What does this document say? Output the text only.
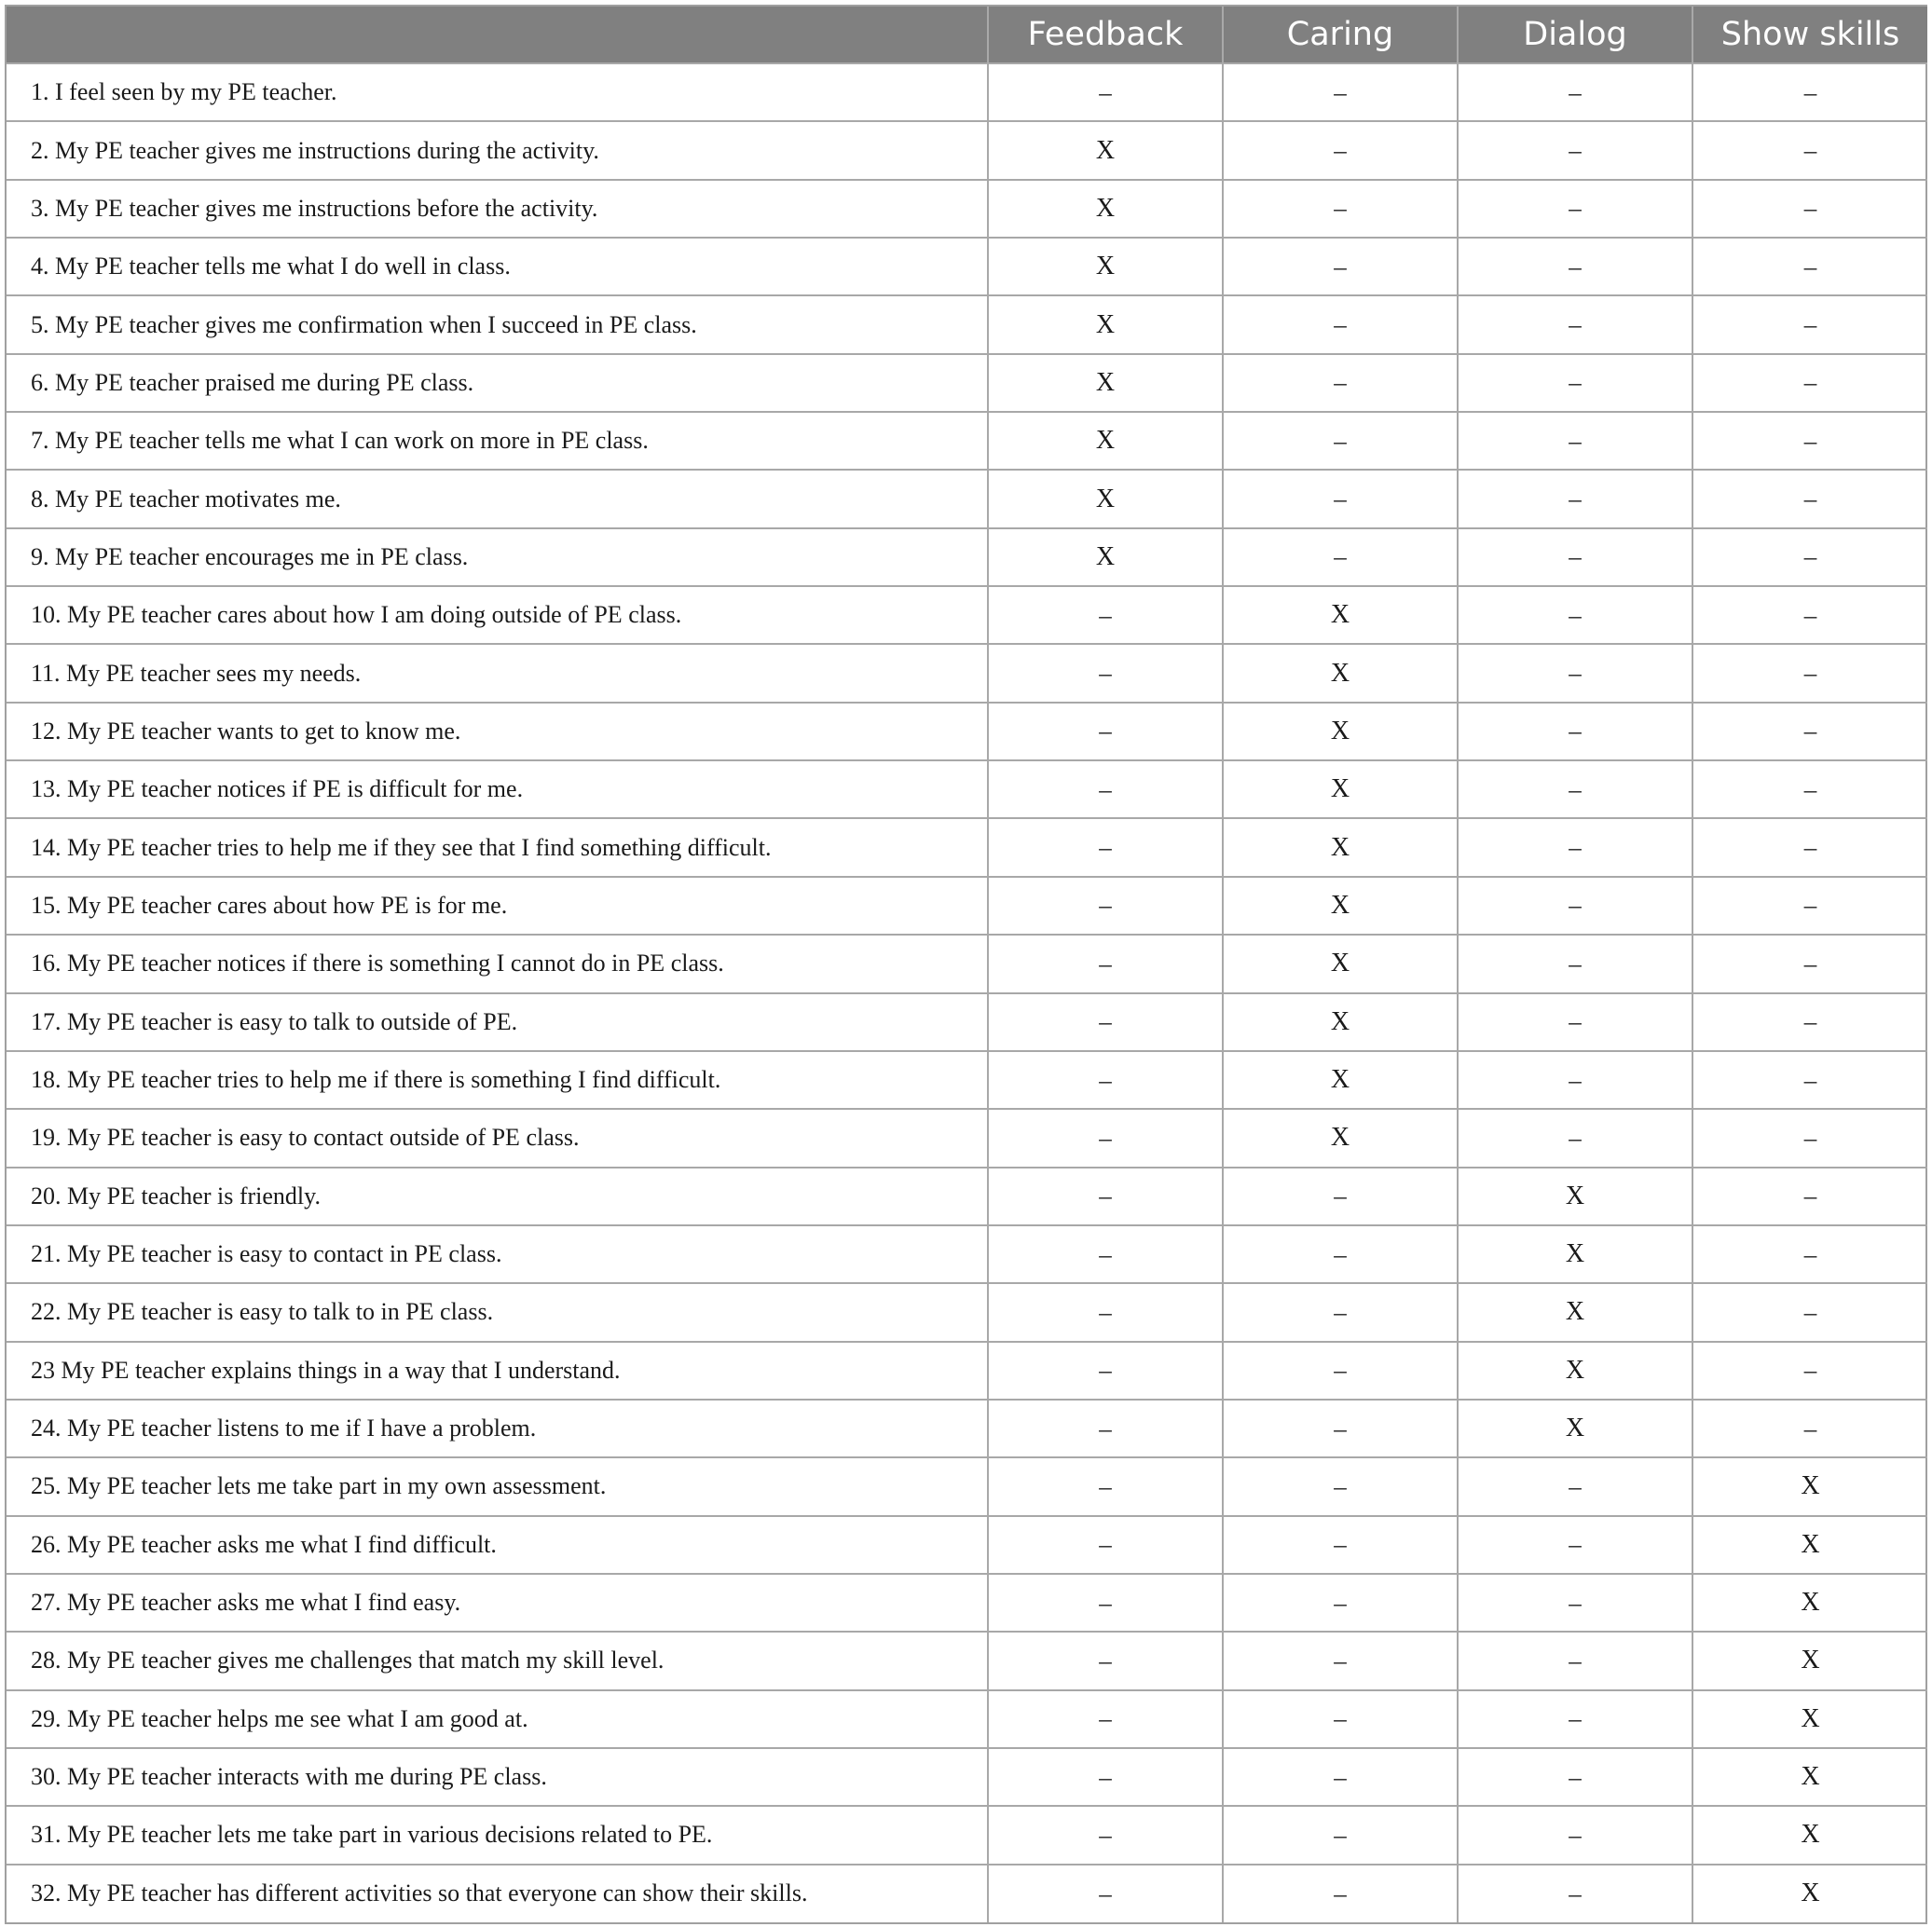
	Feedback	Caring	Dialog	Show skills
1. I feel seen by my PE teacher.	–	–	–	–
2. My PE teacher gives me instructions during the activity.	X	–	–	–
3. My PE teacher gives me instructions before the activity.	X	–	–	–
4. My PE teacher tells me what I do well in class.	X	–	–	–
5. My PE teacher gives me confirmation when I succeed in PE class.	X	–	–	–
6. My PE teacher praised me during PE class.	X	–	–	–
7. My PE teacher tells me what I can work on more in PE class.	X	–	–	–
8. My PE teacher motivates me.	X	–	–	–
9. My PE teacher encourages me in PE class.	X	–	–	–
10. My PE teacher cares about how I am doing outside of PE class.	–	X	–	–
11. My PE teacher sees my needs.	–	X	–	–
12. My PE teacher wants to get to know me.	–	X	–	–
13. My PE teacher notices if PE is difficult for me.	–	X	–	–
14. My PE teacher tries to help me if they see that I find something difficult.	–	X	–	–
15. My PE teacher cares about how PE is for me.	–	X	–	–
16. My PE teacher notices if there is something I cannot do in PE class.	–	X	–	–
17. My PE teacher is easy to talk to outside of PE.	–	X	–	–
18. My PE teacher tries to help me if there is something I find difficult.	–	X	–	–
19. My PE teacher is easy to contact outside of PE class.	–	X	–	–
20. My PE teacher is friendly.	–	–	X	–
21. My PE teacher is easy to contact in PE class.	–	–	X	–
22. My PE teacher is easy to talk to in PE class.	–	–	X	–
23 My PE teacher explains things in a way that I understand.	–	–	X	–
24. My PE teacher listens to me if I have a problem.	–	–	X	–
25. My PE teacher lets me take part in my own assessment.	–	–	–	X
26. My PE teacher asks me what I find difficult.	–	–	–	X
27. My PE teacher asks me what I find easy.	–	–	–	X
28. My PE teacher gives me challenges that match my skill level.	–	–	–	X
29. My PE teacher helps me see what I am good at.	–	–	–	X
30. My PE teacher interacts with me during PE class.	–	–	–	X
31. My PE teacher lets me take part in various decisions related to PE.	–	–	–	X
32. My PE teacher has different activities so that everyone can show their skills.	–	–	–	X
